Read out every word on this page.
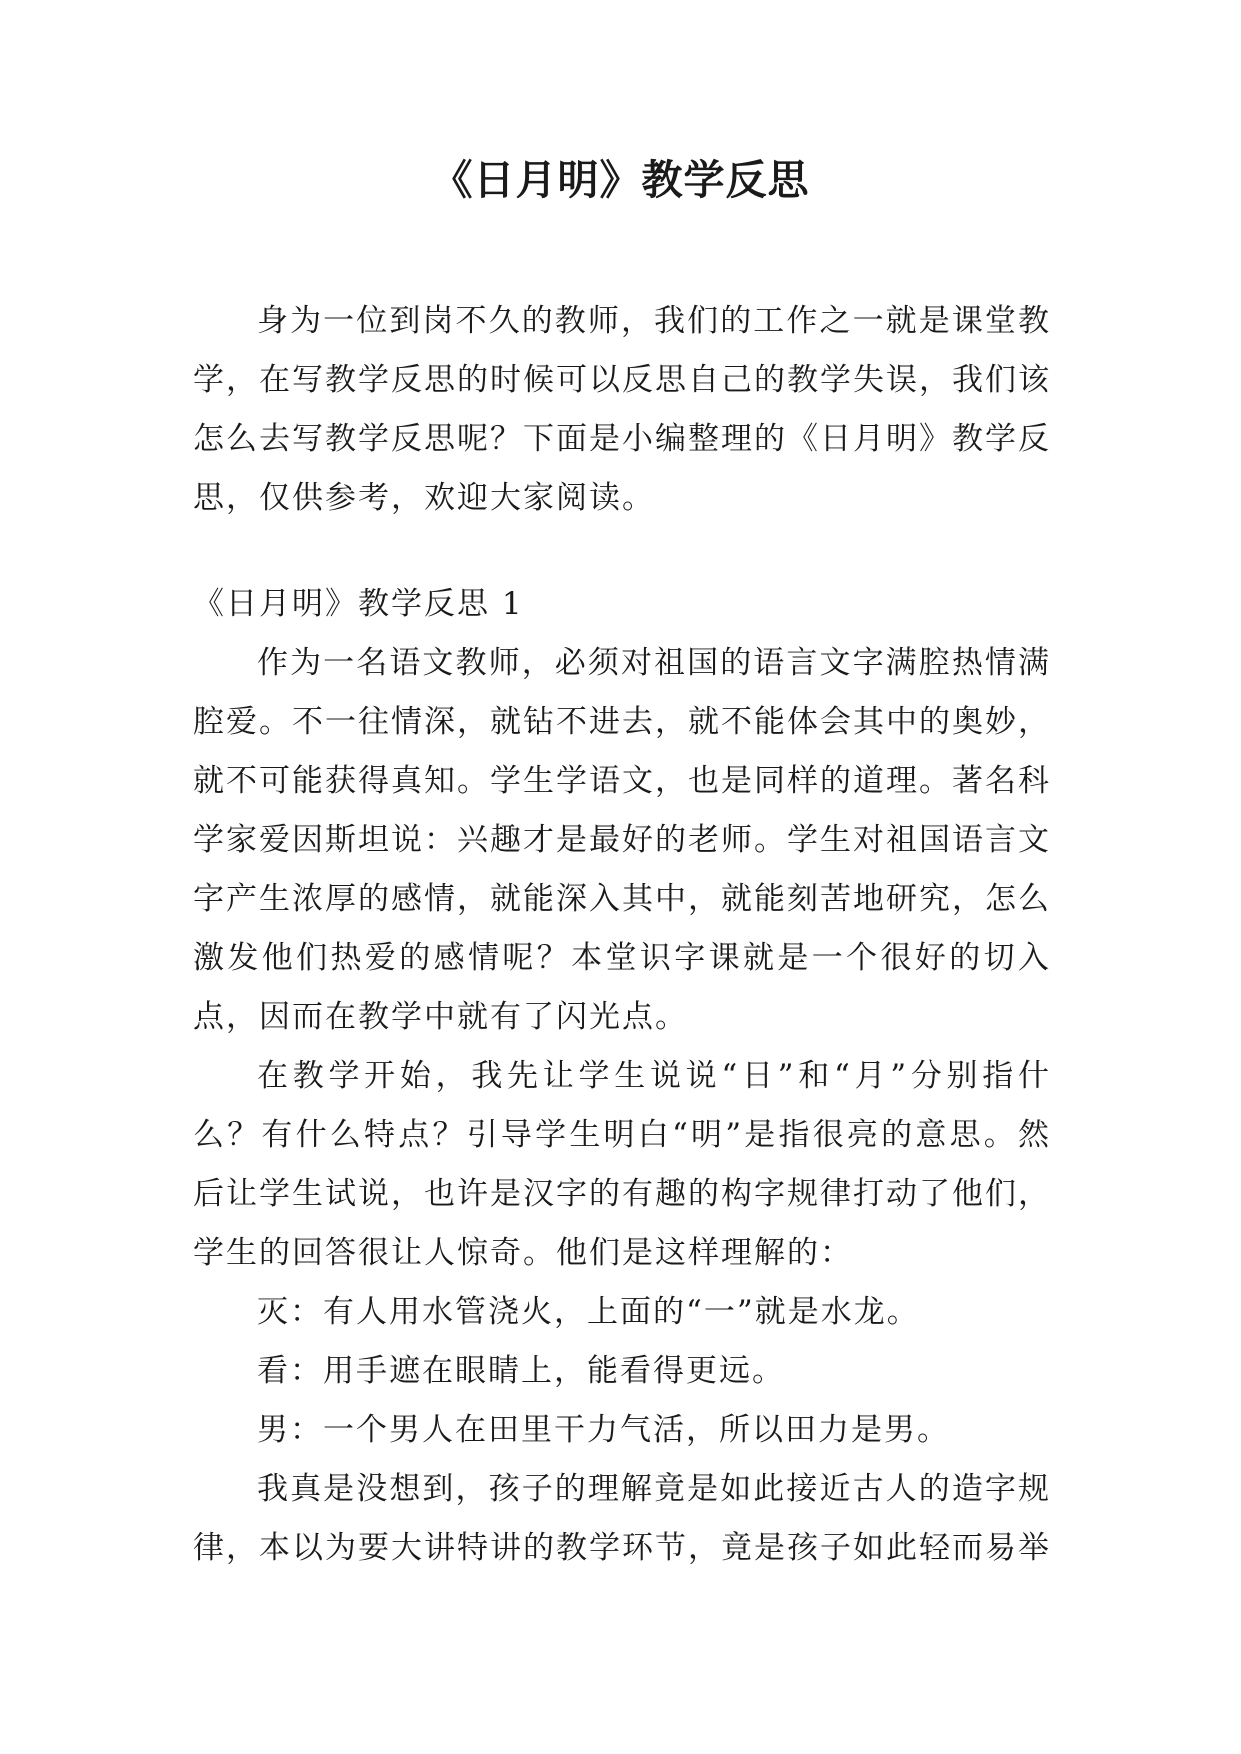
《日月明》教学反思

身为一位到岗不久的教师，我们的工作之一就是课堂教学，在写教学反思的时候可以反思自己的教学失误，我们该怎么去写教学反思呢？下面是小编整理的《日月明》教学反思，仅供参考，欢迎大家阅读。

《日月明》教学反思 1

作为一名语文教师，必须对祖国的语言文字满腔热情满腔爱。不一往情深，就钻不进去，就不能体会其中的奥妙，就不可能获得真知。学生学语文，也是同样的道理。著名科学家爱因斯坦说：兴趣才是最好的老师。学生对祖国语言文字产生浓厚的感情，就能深入其中，就能刻苦地研究，怎么激发他们热爱的感情呢？本堂识字课就是一个很好的切入点，因而在教学中就有了闪光点。

在教学开始，我先让学生说说“日”和“月”分别指什么？有什么特点？引导学生明白“明”是指很亮的意思。然后让学生试说，也许是汉字的有趣的构字规律打动了他们，学生的回答很让人惊奇。他们是这样理解的：

灭：有人用水管浇火，上面的“一”就是水龙。

看：用手遮在眼睛上，能看得更远。

男：一个男人在田里干力气活，所以田力是男。

我真是没想到，孩子的理解竟是如此接近古人的造字规律，本以为要大讲特讲的教学环节，竟是孩子如此轻而易举
